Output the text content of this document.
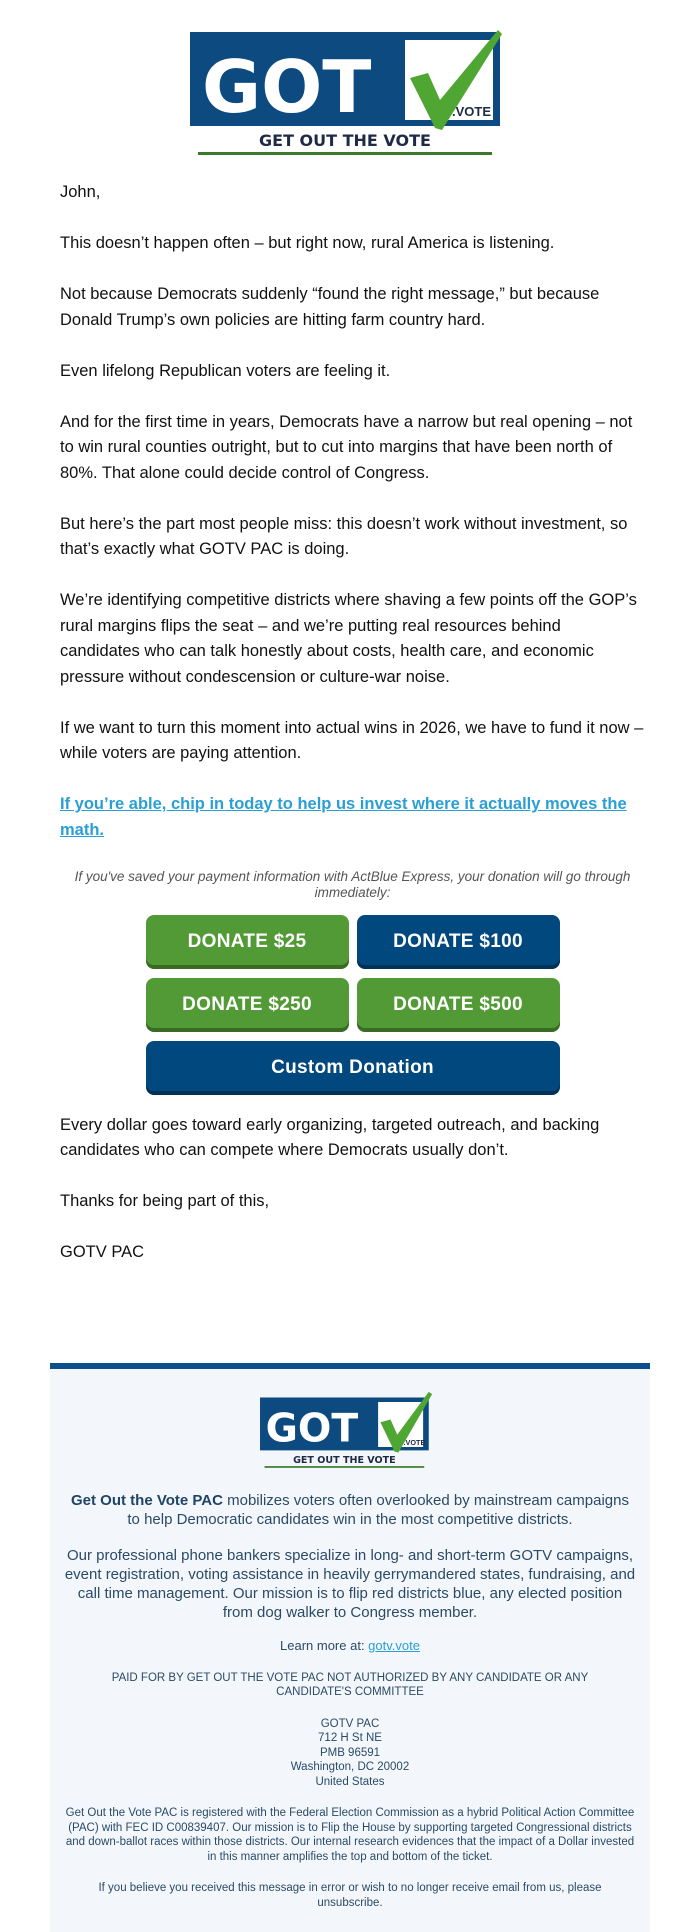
GOT	.VOTE
GET OUT THE VOTE

John,

This doesn’t happen often – but right now, rural America is listening.

Not because Democrats suddenly “found the right message,” but because Donald Trump’s own policies are hitting farm country hard.

Even lifelong Republican voters are feeling it.

And for the first time in years, Democrats have a narrow but real opening – not to win rural counties outright, but to cut into margins that have been north of 80%. That alone could decide control of Congress.

But here’s the part most people miss: this doesn’t work without investment, so that’s exactly what GOTV PAC is doing.

We’re identifying competitive districts where shaving a few points off the GOP’s rural margins flips the seat – and we’re putting real resources behind candidates who can talk honestly about costs, health care, and economic pressure without condescension or culture-war noise.

If we want to turn this moment into actual wins in 2026, we have to fund it now – while voters are paying attention.

If you’re able, chip in today to help us invest where it actually moves the math.

If you've saved your payment information with ActBlue Express, your donation will go through immediately:

DONATE $25	DONATE $100
DONATE $250	DONATE $500
Custom Donation

Every dollar goes toward early organizing, targeted outreach, and backing candidates who can compete where Democrats usually don’t.

Thanks for being part of this,

GOTV PAC

GOT	.VOTE
GET OUT THE VOTE

Get Out the Vote PAC mobilizes voters often overlooked by mainstream campaigns to help Democratic candidates win in the most competitive districts.

Our professional phone bankers specialize in long- and short-term GOTV campaigns, event registration, voting assistance in heavily gerrymandered states, fundraising, and call time management. Our mission is to flip red districts blue, any elected position from dog walker to Congress member.

Learn more at: gotv.vote

PAID FOR BY GET OUT THE VOTE PAC NOT AUTHORIZED BY ANY CANDIDATE OR ANY CANDIDATE'S COMMITTEE

GOTV PAC
712 H St NE
PMB 96591
Washington, DC 20002
United States

Get Out the Vote PAC is registered with the Federal Election Commission as a hybrid Political Action Committee (PAC) with FEC ID C00839407. Our mission is to Flip the House by supporting targeted Congressional districts and down-ballot races within those districts. Our internal research evidences that the impact of a Dollar invested in this manner amplifies the top and bottom of the ticket.

If you believe you received this message in error or wish to no longer receive email from us, please unsubscribe.
